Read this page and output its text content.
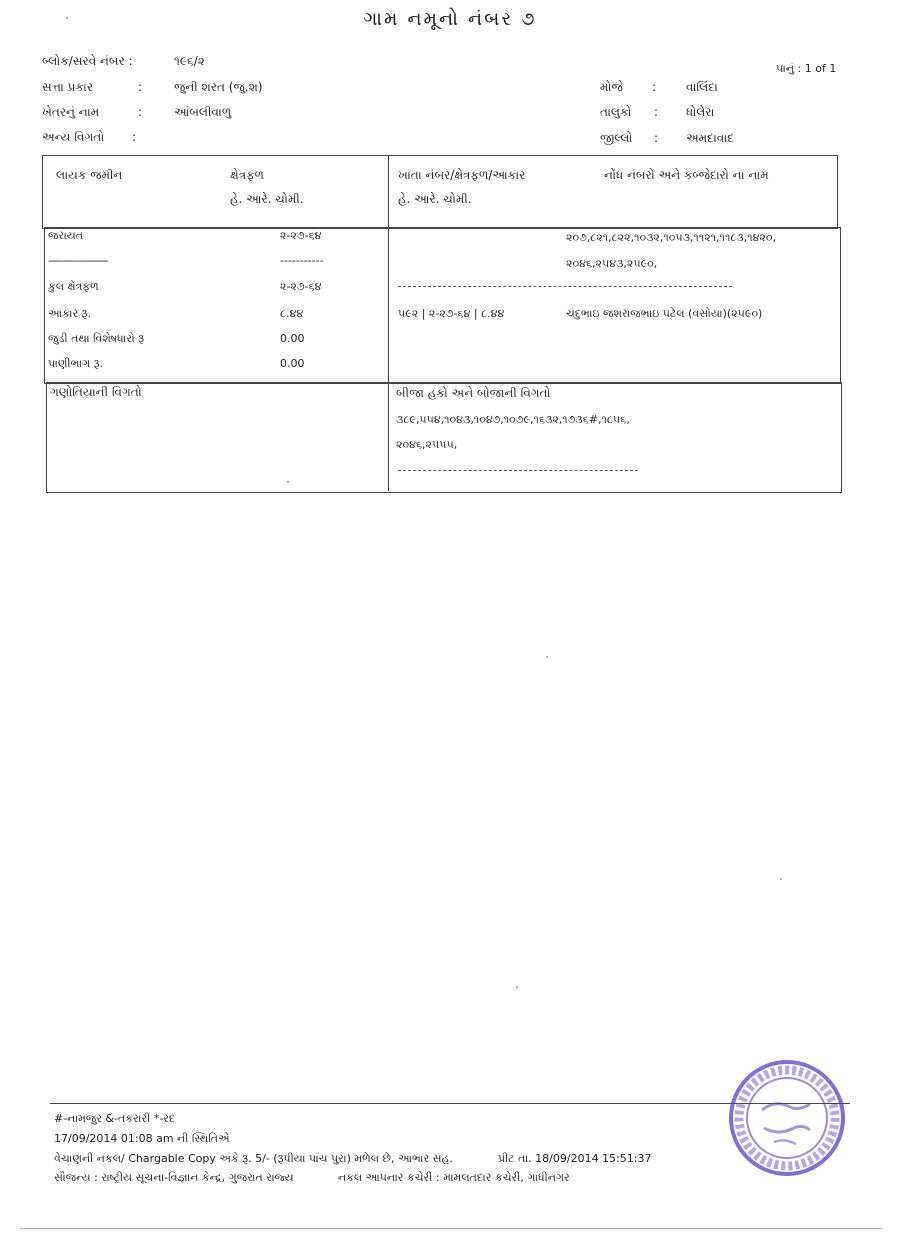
ગામ નમૂનો નંબર ૭
પાનું : 1 of 1
બ્લોક/સરવે નંબર :	૧૯૬/૨
સત્તા પ્રકાર	:	જુની શરત (જુ.શ)
ખેતરનું નામ	:	આંબલીવાળુ
અન્ય વિગતો :
મોજે : વાલિંદા
તાલુકો : ધોલેરા
જીલ્લો : અમદાવાદ
લાયક જમીન	ક્ષેત્રફળ
હે. આરે. ચોમી.
ખાતા નંબર/ક્ષેત્રફળ/આકાર
હે. આરે. ચોમી.
નોંધ નંબરો અને કબ્જેદારો ના નામ
જરાયત	૨-૨૭-૬૪
--------------------	-----------
કુલ ક્ષેત્રફળ	૨-૨૭-૬૪
આકાર રૂ.	૮.૪૪
જુડી તથા વિશેષધારો રૂ	0.00
પાણીભાગ રૂ.	0.00
૨૦૭,૮૨૧,૮૨૨,૧૦૩૨,૧૦૫૩,૧૧૨૧,૧૧૮૩,૧૪૨૦,
૨૦૪૬,૨૫૪૩,૨૫૯૦,
૫૯૨ | ૨-૨૭-૬૪ | ૮.૪૪	ચંદુભાઇ જશરાજભાઇ પટેલ (વસોયા)(૨૫૯૦)
ગણોતિયાની વિગતો	બીજા હકો અને બોજાની વિગતો
૩૮૯,૫૫૪,૧૦૪૩,૧૦૪૭,૧૦૭૯,૧૬૩૨,૧૭૩૬#,૧૮૫૬,
૨૦૪૬,૨૫૫૫,
#-નામંજુર &-તકરારી *-રદ
17/09/2014 01:08 am ની સ્થિતિએ
વેચાણની નકલ/ Chargable Copy અંકે રૂ. 5/- (રૂપીયા પાંચ પુરા) મળેલ છે, આભાર સહ.	પ્રીટ તા. 18/09/2014 15:51:37
સૌજન્ય : રાષ્ટ્રીય સૂચના-વિજ્ઞાન કેન્દ્ર, ગુજરાત રાજ્ય	નકલ આપનાર કચેરી : મામલતદાર કચેરી, ગાંધીનગર
